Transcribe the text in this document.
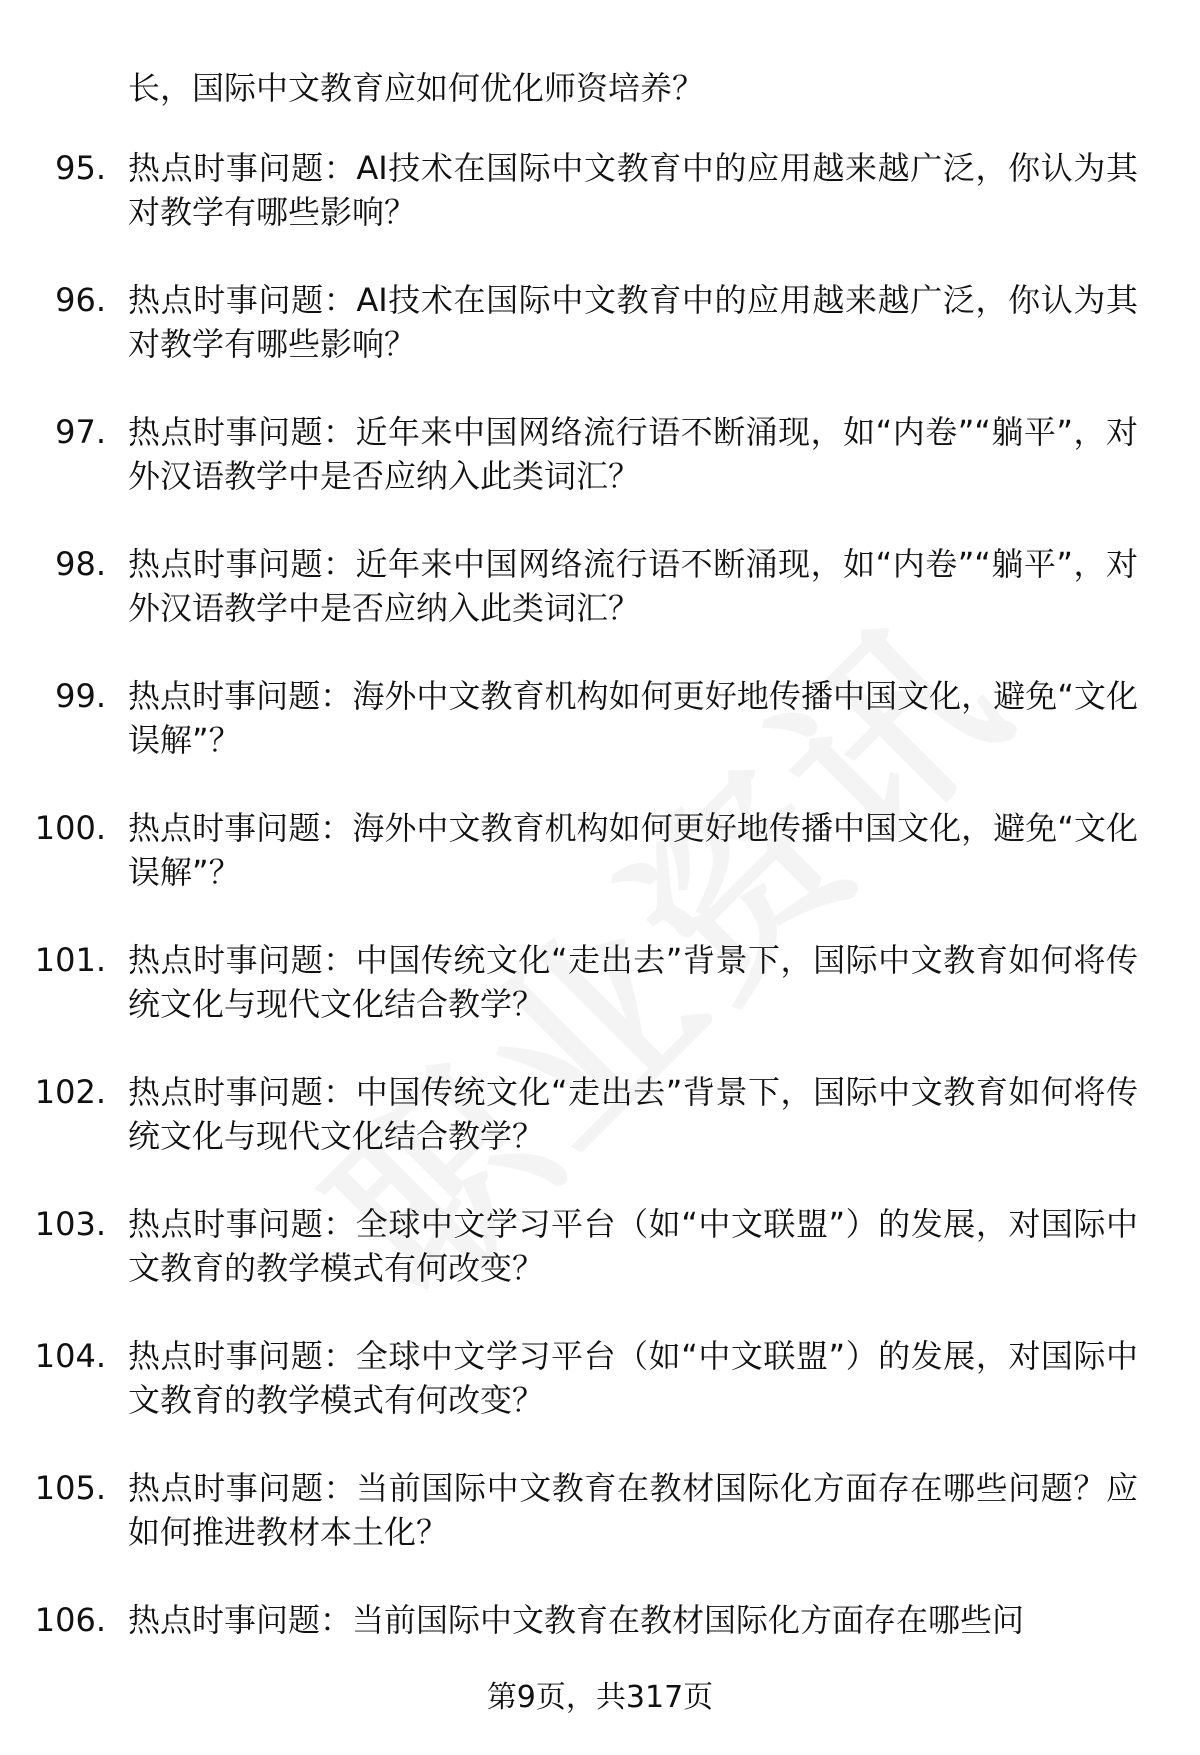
长，国际中文教育应如何优化师资培养？
95. 热点时事问题：AI技术在国际中文教育中的应用越来越广泛，你认为其对教学有哪些影响？
96. 热点时事问题：AI技术在国际中文教育中的应用越来越广泛，你认为其对教学有哪些影响？
97. 热点时事问题：近年来中国网络流行语不断涌现，如“内卷”“躺平”，对外汉语教学中是否应纳入此类词汇？
98. 热点时事问题：近年来中国网络流行语不断涌现，如“内卷”“躺平”，对外汉语教学中是否应纳入此类词汇？
99. 热点时事问题：海外中文教育机构如何更好地传播中国文化，避免“文化误解”？
100. 热点时事问题：海外中文教育机构如何更好地传播中国文化，避免“文化误解”？
101. 热点时事问题：中国传统文化“走出去”背景下，国际中文教育如何将传统文化与现代文化结合教学？
102. 热点时事问题：中国传统文化“走出去”背景下，国际中文教育如何将传统文化与现代文化结合教学？
103. 热点时事问题：全球中文学习平台（如“中文联盟”）的发展，对国际中文教育的教学模式有何改变？
104. 热点时事问题：全球中文学习平台（如“中文联盟”）的发展，对国际中文教育的教学模式有何改变？
105. 热点时事问题：当前国际中文教育在教材国际化方面存在哪些问题？应如何推进教材本土化？
106. 热点时事问题：当前国际中文教育在教材国际化方面存在哪些问
第9页，共317页
